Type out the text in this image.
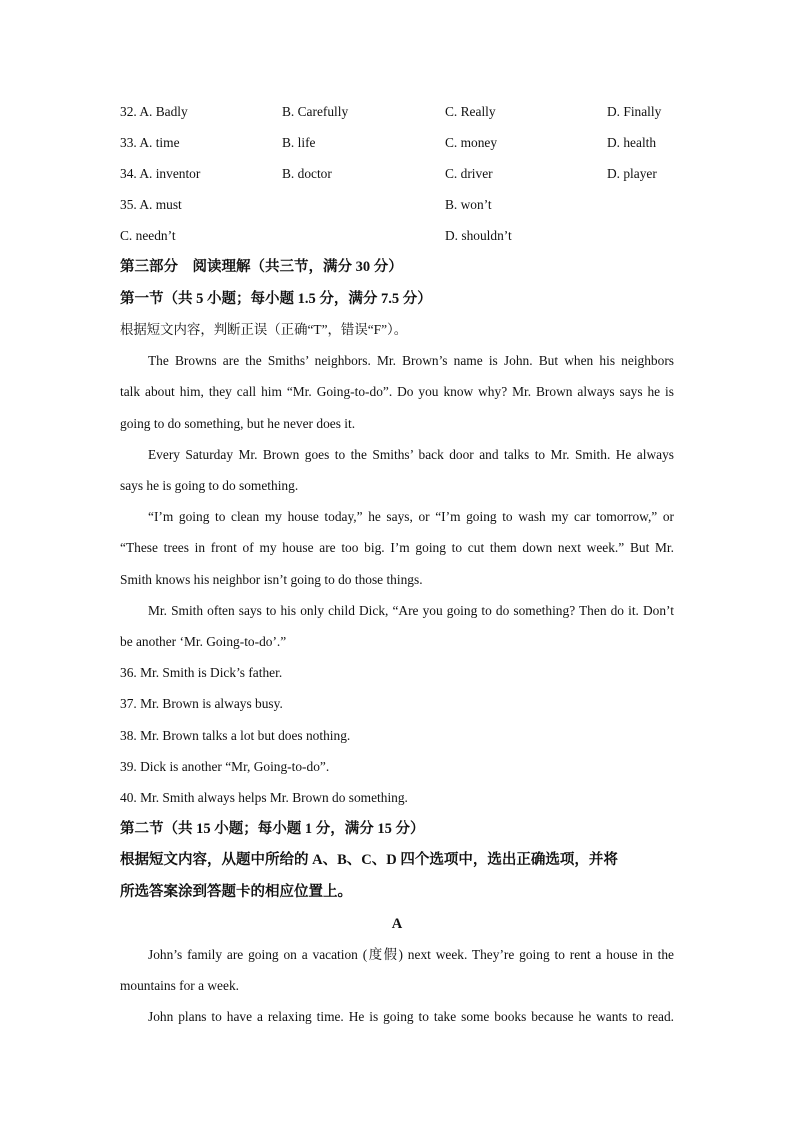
32. A. Badly	B. Carefully	C. Really	D. Finally
33. A. time	B. life	C. money	D. health
34. A. inventor	B. doctor	C. driver	D. player
35. A. must	B. won’t
C. needn’t	D. shouldn’t
第三部分　阅读理解（共三节，满分 30 分）
第一节（共 5 小题；每小题 1.5 分，满分 7.5 分）
根据短文内容，判断正误（正确“T”，错误“F”）。
The Browns are the Smiths’ neighbors. Mr. Brown’s name is John. But when his neighbors
talk about him, they call him “Mr. Going-to-do”. Do you know why? Mr. Brown always says he is
going to do something, but he never does it.
Every Saturday Mr. Brown goes to the Smiths’ back door and talks to Mr. Smith. He always
says he is going to do something.
“I’m going to clean my house today,” he says, or “I’m going to wash my car tomorrow,” or
“These trees in front of my house are too big. I’m going to cut them down next week.” But Mr.
Smith knows his neighbor isn’t going to do those things.
Mr. Smith often says to his only child Dick, “Are you going to do something? Then do it. Don’t
be another ‘Mr. Going-to-do’.”
36. Mr. Smith is Dick’s father.
37. Mr. Brown is always busy.
38. Mr. Brown talks a lot but does nothing.
39. Dick is another “Mr, Going-to-do”.
40. Mr. Smith always helps Mr. Brown do something.
第二节（共 15 小题；每小题 1 分，满分 15 分）
根据短文内容，从题中所给的 A、B、C、D 四个选项中，选出正确选项，并将
所选答案涂到答题卡的相应位置上。
A
John’s family are going on a vacation (度假) next week. They’re going to rent a house in the
mountains for a week.
John plans to have a relaxing time. He is going to take some books because he wants to read.
